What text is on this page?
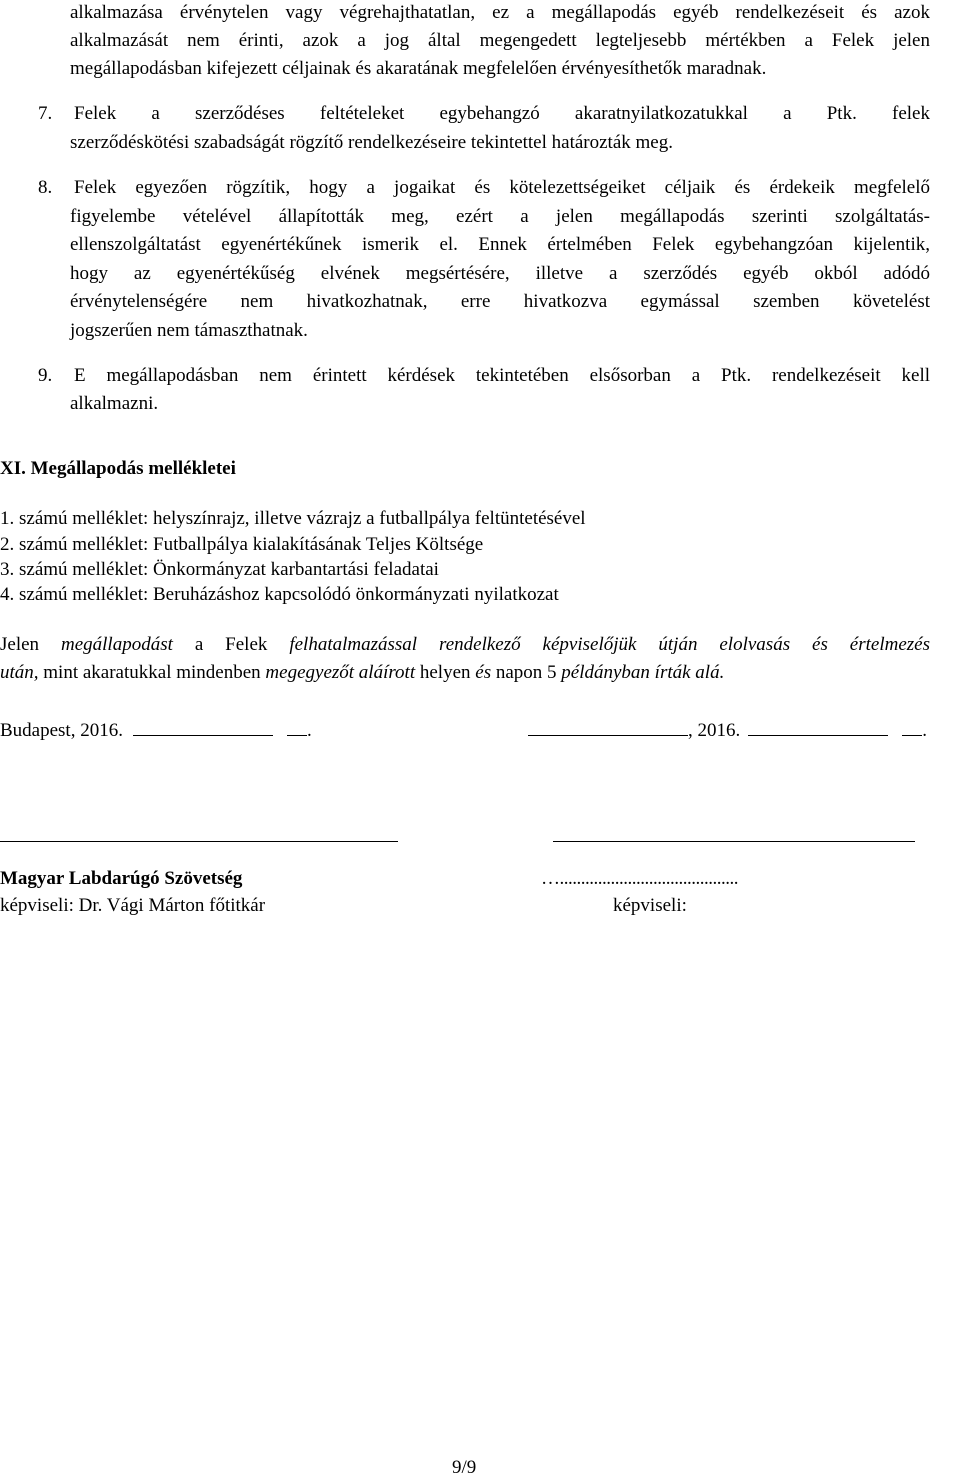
alkalmazása érvénytelen vagy végrehajthatatlan, ez a megállapodás egyéb rendelkezéseit és azok
alkalmazását nem érinti, azok a jog által megengedett legteljesebb mértékben a Felek jelen
megállapodásban kifejezett céljainak és akaratának megfelelően érvényesíthetők maradnak.
7. Felek a szerződéses feltételeket egybehangzó akaratnyilatkozatukkal a Ptk. felek
szerződéskötési szabadságát rögzítő rendelkezéseire tekintettel határozták meg.
8. Felek egyezően rögzítik, hogy a jogaikat és kötelezettségeiket céljaik és érdekeik megfelelő
figyelembe vételével állapították meg, ezért a jelen megállapodás szerinti szolgáltatás-
ellenszolgáltatást egyenértékűnek ismerik el. Ennek értelmében Felek egybehangzóan kijelentik,
hogy az egyenértékűség elvének megsértésére, illetve a szerződés egyéb okból adódó
érvénytelenségére nem hivatkozhatnak, erre hivatkozva egymással szemben követelést
jogszerűen nem támaszthatnak.
9. E megállapodásban nem érintett kérdések tekintetében elsősorban a Ptk. rendelkezéseit kell
alkalmazni.
XI. Megállapodás mellékletei
1. számú melléklet: helyszínrajz, illetve vázrajz a futballpálya feltüntetésével
2. számú melléklet: Futballpálya kialakításának Teljes Költsége
3. számú melléklet: Önkormányzat karbantartási feladatai
4. számú melléklet: Beruházáshoz kapcsolódó önkormányzati nyilatkozat
Jelen megállapodást a Felek felhatalmazással rendelkező képviselőjük útján elolvasás és értelmezés
után, mint akaratukkal mindenben megegyezőt aláírott helyen és napon 5 példányban írták alá.
Budapest, 2016.	.	, 2016.	.
Magyar Labdarúgó Szövetség
képviseli: Dr. Vági Márton főtitkár
…..........................................
képviseli:
9/9
